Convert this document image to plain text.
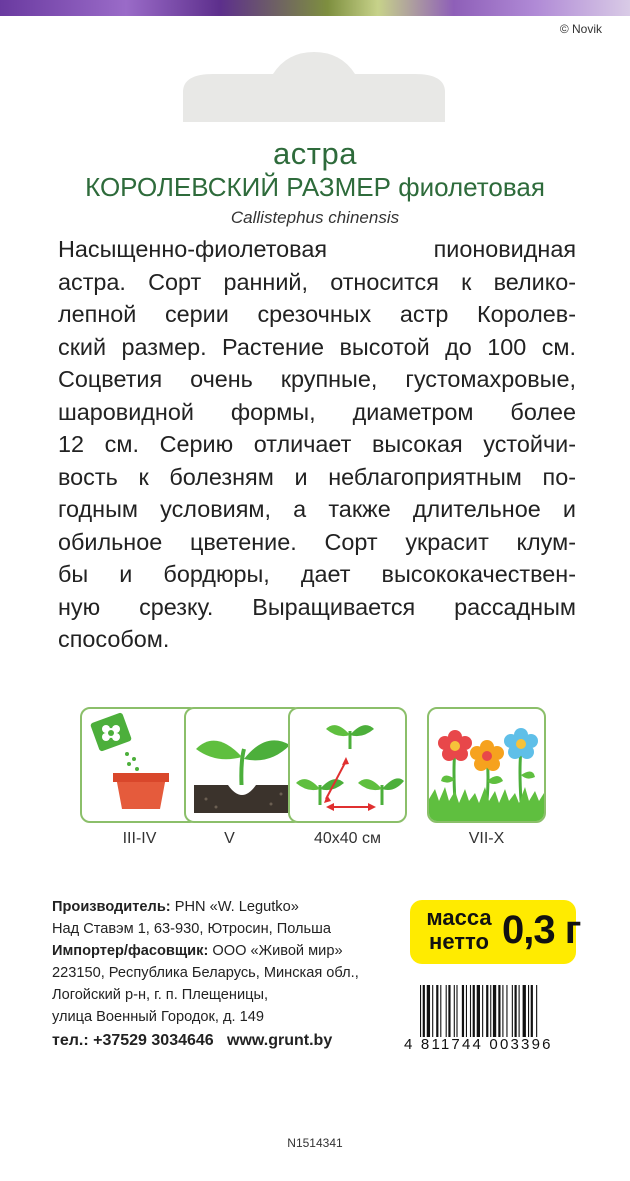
© Novik
астра
КОРОЛЕВСКИЙ РАЗМЕР фиолетовая
Callistephus chinensis
Насыщенно-фиолетовая пионовидная
астра. Сорт ранний, относится к велико-
лепной серии срезочных астр Королев-
ский размер. Растение высотой до 100 см.
Соцветия очень крупные, густомахровые,
шаровидной формы, диаметром более
12 см. Серию отличает высокая устойчи-
вость к болезням и неблагоприятным по-
годным условиям, а также длительное и
обильное цветение. Сорт украсит клум-
бы и бордюры, дает высококачествен-
ную срезку. Выращивается рассадным
способом.
III-IV	V	40x40 см	VII-X
Производитель: PHN «W. Legutko»
Над Ставэм 1, 63-930, Ютросин, Польша
Импортер/фасовщик: ООО «Живой мир»
223150, Республика Беларусь, Минская обл.,
Логойский р-н, г. п. Плещеницы,
улица Военный Городок, д. 149
тел.: +37529 3034646 www.grunt.by
масса
нетто 0,3 г
4 811744 003396
N1514341
